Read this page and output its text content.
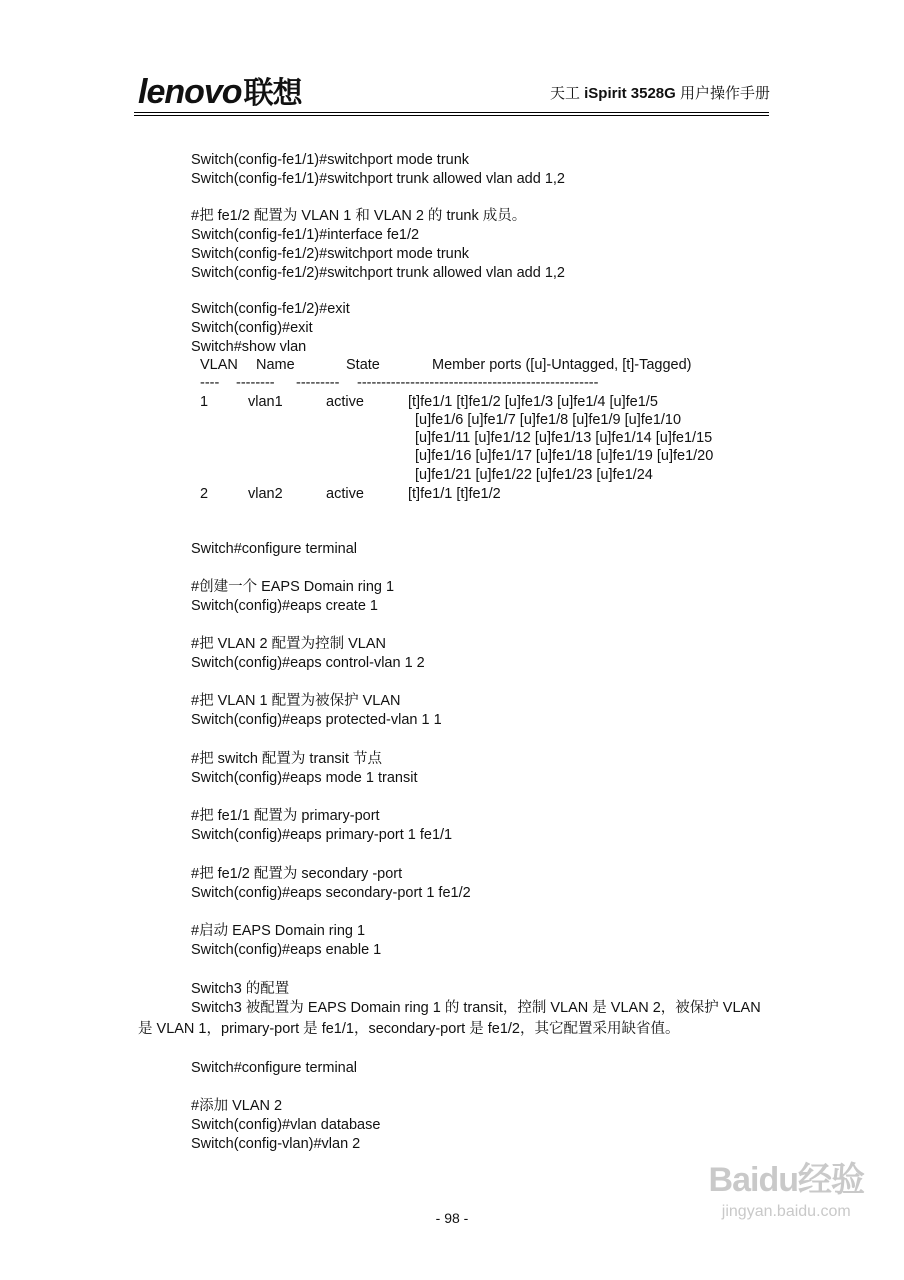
lenovo联想	天工 iSpirit 3528G 用户操作手册
Switch(config-fe1/1)#switchport mode trunk
Switch(config-fe1/1)#switchport trunk allowed vlan add 1,2
#把 fe1/2 配置为 VLAN 1 和 VLAN 2 的 trunk 成员。
Switch(config-fe1/1)#interface fe1/2
Switch(config-fe1/2)#switchport mode trunk
Switch(config-fe1/2)#switchport trunk allowed vlan add 1,2
Switch(config-fe1/2)#exit
Switch(config)#exit
Switch#show vlan
VLAN Name	State	Member ports ([u]-Untagged, [t]-Tagged)
---- -------- --------- --------------------------------------------------
1	vlan1	active	[t]fe1/1 [t]fe1/2 [u]fe1/3 [u]fe1/4 [u]fe1/5
[u]fe1/6 [u]fe1/7 [u]fe1/8 [u]fe1/9 [u]fe1/10
[u]fe1/11 [u]fe1/12 [u]fe1/13 [u]fe1/14 [u]fe1/15
[u]fe1/16 [u]fe1/17 [u]fe1/18 [u]fe1/19 [u]fe1/20
[u]fe1/21 [u]fe1/22 [u]fe1/23 [u]fe1/24
2	vlan2	active	[t]fe1/1 [t]fe1/2
Switch#configure terminal
#创建一个 EAPS Domain ring 1
Switch(config)#eaps create 1
#把 VLAN 2 配置为控制 VLAN
Switch(config)#eaps control-vlan 1 2
#把 VLAN 1 配置为被保护 VLAN
Switch(config)#eaps protected-vlan 1 1
#把 switch 配置为 transit 节点
Switch(config)#eaps mode 1 transit
#把 fe1/1 配置为 primary-port
Switch(config)#eaps primary-port 1 fe1/1
#把 fe1/2 配置为 secondary -port
Switch(config)#eaps secondary-port 1 fe1/2
#启动 EAPS Domain ring 1
Switch(config)#eaps enable 1
Switch3 的配置
Switch3 被配置为 EAPS Domain ring 1 的 transit，控制 VLAN 是 VLAN 2，被保护 VLAN 是 VLAN 1，primary-port 是 fe1/1，secondary-port 是 fe1/2，其它配置采用缺省值。
Switch#configure terminal
#添加 VLAN 2
Switch(config)#vlan database
Switch(config-vlan)#vlan 2
- 98 -
Baidu经验
jingyan.baidu.com
